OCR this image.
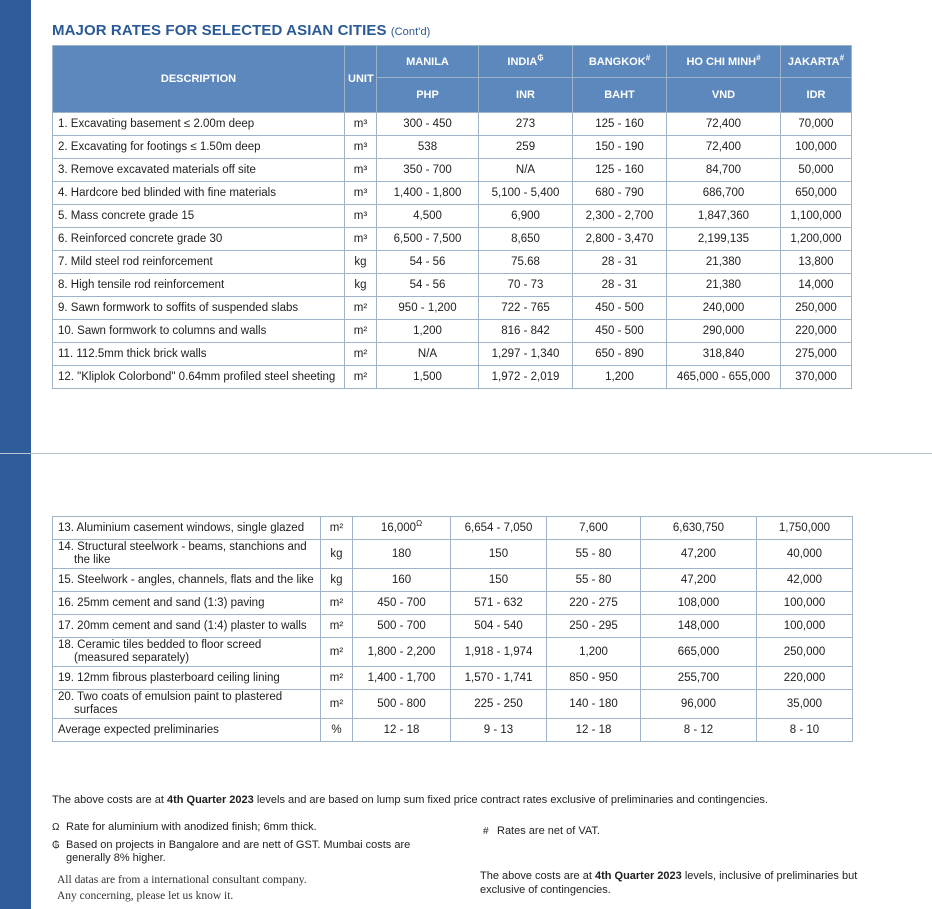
MAJOR RATES FOR SELECTED ASIAN CITIES (Cont'd)
DESCRIPTION	UNIT	MANILA	INDIA₲	BANGKOK#	HO CHI MINH#	JAKARTA#
		PHP	INR	BAHT	VND	IDR
1. Excavating basement ≤ 2.00m deep	m³	300 - 450	273	125 - 160	72,400	70,000
2. Excavating for footings ≤ 1.50m deep	m³	538	259	150 - 190	72,400	100,000
3. Remove excavated materials off site	m³	350 - 700	N/A	125 - 160	84,700	50,000
4. Hardcore bed blinded with fine materials	m³	1,400 - 1,800	5,100 - 5,400	680 - 790	686,700	650,000
5. Mass concrete grade 15	m³	4,500	6,900	2,300 - 2,700	1,847,360	1,100,000
6. Reinforced concrete grade 30	m³	6,500 - 7,500	8,650	2,800 - 3,470	2,199,135	1,200,000
7. Mild steel rod reinforcement	kg	54 - 56	75.68	28 - 31	21,380	13,800
8. High tensile rod reinforcement	kg	54 - 56	70 - 73	28 - 31	21,380	14,000
9. Sawn formwork to soffits of suspended slabs	m²	950 - 1,200	722 - 765	450 - 500	240,000	250,000
10. Sawn formwork to columns and walls	m²	1,200	816 - 842	450 - 500	290,000	220,000
11. 112.5mm thick brick walls	m²	N/A	1,297 - 1,340	650 - 890	318,840	275,000
12. "Kliplok Colorbond" 0.64mm profiled steel sheeting	m²	1,500	1,972 - 2,019	1,200	465,000 - 655,000	370,000
13. Aluminium casement windows, single glazed	m²	$16,000^\Omega$	6,654 - 7,050	7,600	6,630,750	1,750,000

14. Structural steelwork - beams, stanchions and
the like	kg	180	150	55 - 80	47,200	40,000
15. Steelwork - angles, channels, flats and the like	kg	160	150	55 - 80	47,200	42,000
16. 25mm cement and sand (1:3) paving	m²	450 - 700	571 - 632	220 - 275	108,000	100,000
17. 20mm cement and sand (1:4) plaster to walls	m²	500 - 700	504 - 540	250 - 295	148,000	100,000

18. Ceramic tiles bedded to floor screed
(measured separately)	m²	1,800 - 2,200	1,918 - 1,974	1,200	665,000	250,000
19. 12mm fibrous plasterboard ceiling lining	m²	1,400 - 1,700	1,570 - 1,741	850 - 950	255,700	220,000

20. Two coats of emulsion paint to plastered
surfaces	m²	500 - 800	225 - 250	140 - 180	96,000	35,000
Average expected preliminaries	%	12 - 18	9 - 13	12 - 18	8 - 12	8 - 10
The above costs are at 4th Quarter 2023 levels and are based on lump sum fixed price contract rates exclusive of preliminaries and contingencies.
Ω Rate for aluminium with anodized finish; 6mm thick.	# Rates are net of VAT.
₲ Based on projects in Bangalore and are nett of GST. Mumbai costs are generally 8% higher.
All datas are from a international consultant company.
Any concerning, please let us know it.
The above costs are at 4th Quarter 2023 levels, inclusive of preliminaries but exclusive of contingencies.
